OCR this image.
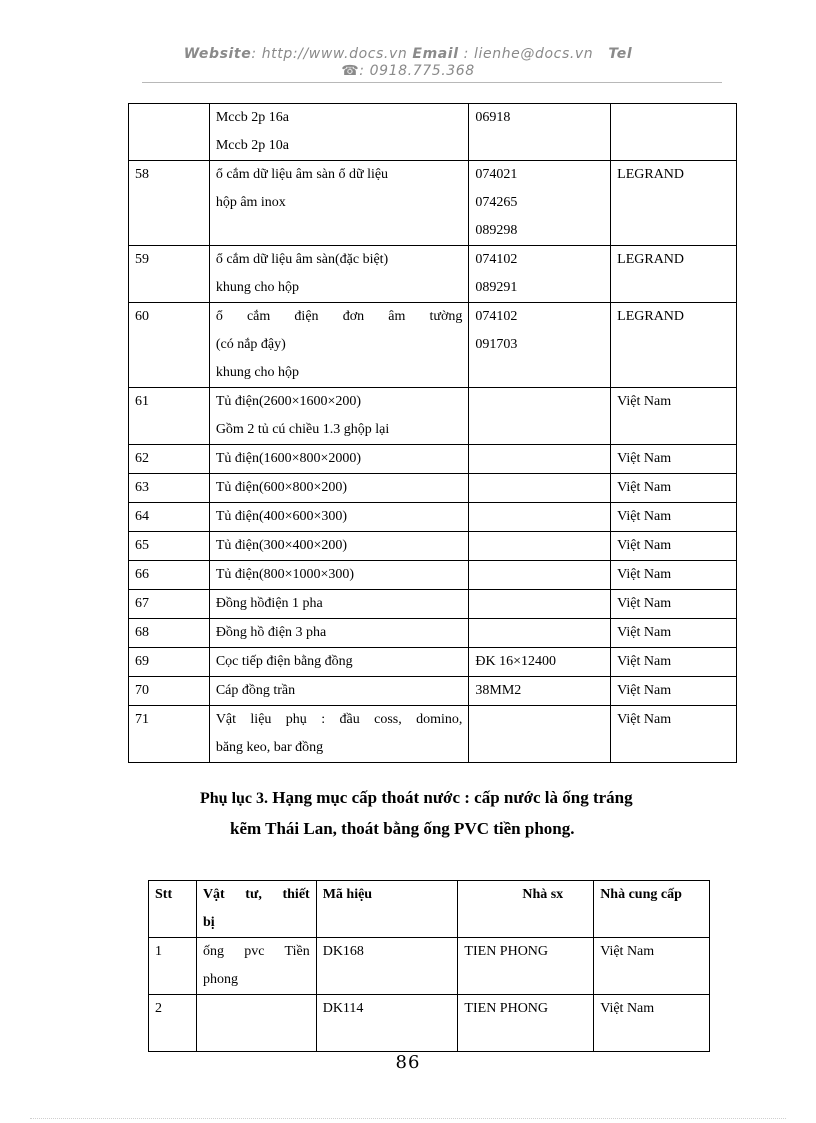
Website: http://www.docs.vn Email : lienhe@docs.vn Tel
☎: 0918.775.368

	Mccb 2p 16a
Mccb 2p 10a	06918	

58	ổ cắm dữ liệu âm sàn ổ dữ liệu
hộp âm inox	074021
074265
089298	LEGRAND
59	ổ cắm dữ liệu âm sàn(đặc biệt)
khung cho hộp	074102
089291	LEGRAND
60	ổ cắm điện đơn âm tường
(có nắp đậy)
khung cho hộp	074102
091703	LEGRAND
61	Tủ điện(2600×1600×200)
Gồm 2 tủ cú chiều 1.3 ghộp lại		Việt Nam
62	Tủ điện(1600×800×2000)		Việt Nam
63	Tủ điện(600×800×200)		Việt Nam
64	Tủ điện(400×600×300)		Việt Nam
65	Tủ điện(300×400×200)		Việt Nam
66	Tủ điện(800×1000×300)		Việt Nam
67	Đồng hồđiện 1 pha		Việt Nam
68	Đồng hồ điện 3 pha		Việt Nam
69	Cọc tiếp điện bằng đồng	ĐK 16×12400	Việt Nam
70	Cáp đồng trần	38MM2	Việt Nam
71	Vật liệu phụ : đầu coss, domino,
băng keo, bar đồng		Việt Nam
Phụ lục 3. Hạng mục cấp thoát nước : cấp nước là ống tráng
kẽm Thái Lan, thoát bằng ống PVC tiền phong.
Stt	Vật tư, thiết
bị	Mã hiệu	Nhà sx	Nhà cung cấp
1	ống pvc Tiền
phong	DK168	TIEN PHONG	Việt Nam
2		DK114	TIEN PHONG	Việt Nam
86
